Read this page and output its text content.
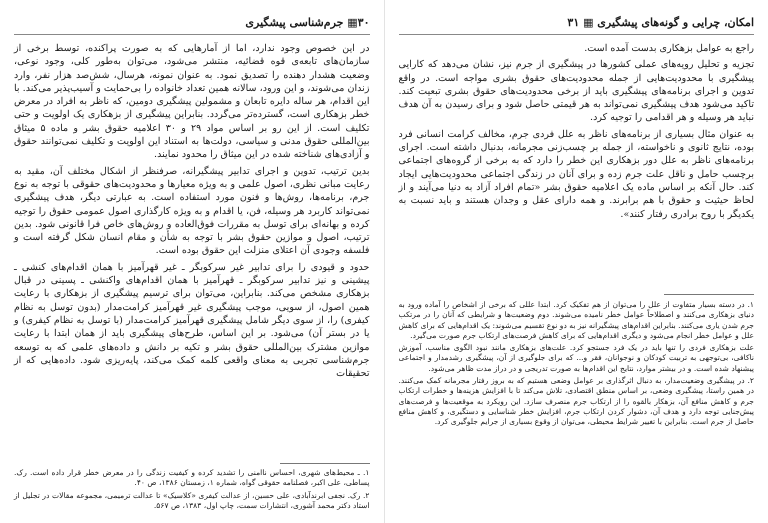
۳۰▦ جرم‌شناسی پیشگیری

در این خصوص وجود ندارد، اما از آمارهایی که به صورت پراکنده، توسط برخی از سازمان‌های تابعه‌ی قوه قضائیه، منتشر می‌شود، می‌توان به‌طور کلی، وجود نوعی، وضعیت هشدار دهنده را تصدیق نمود. به عنوان نمونه، هرسال، شش‌صد هزار نفر، وارد زندان می‌شوند، و این ورود، سالانه همین تعداد خانواده را بی‌حمایت و آسیب‌پذیر می‌کند. با این اقدام، هر ساله دایره تابعان و مشمولین پیشگیری دومین، که ناظر به افراد در معرض خطر بزهکاری است، گسترده‌تر می‌گردد. بنابراین پیشگیری از بزهکاری یک اولویت و حتی تکلیف است. از این رو بر اساس مواد ۲۹ و ۳۰ اعلامیه حقوق بشر و ماده ۵ میثاق بین‌المللی حقوق مدنی و سیاسی، دولت‌ها به استناد این اولویت و تکلیف نمی‌توانند حقوق و آزادی‌های شناخته شده در این میثاق را محدود نمایند.

بدین ترتیب، تدوین و اجرای تدابیر پیشگیرانه، صرفنظر از اشکال مختلف آن، مقید به رعایت مبانی نظری، اصول علمی و به ویژه معیارها و محدودیت‌های حقوقی با توجه به نوع جرم، برنامه‌ها، روش‌ها و فنون مورد استفاده است. به عبارتی دیگر، هدف پیشگیری نمی‌تواند کاربرد هر وسیله، فن، یا اقدام و به ویژه کارگذاری اصول عمومی حقوق را توجیه کرده و بهانه‌ای برای توسل به مقررات فوق‌العاده و روش‌های خاص فرا قانونی شود. بدین ترتیب، اصول و موازین حقوق بشر با توجه به شأن و مقام انسان شکل گرفته است و فلسفه وجودی آن اعتلای منزلت این حقوق بوده است.

حدود و قیودی را برای تدابیر غیر سرکوبگر ـ غیر قهرآمیز با همان اقدام‌های کنشی ـ پیشینی و نیز تدابیر سرکوبگر ـ قهرآمیز با همان اقدام‌های واکنشی ـ پسینی در قبال بزهکاری مشخص می‌کند. بنابراین، می‌توان برای ترسیم پیشگیری از بزهکاری با رعایت همین اصول، از سویی، موجب پیشگیری غیر قهرآمیز کرامت‌مدار (بدون توسل به نظام کیفری) را، از سوی دیگر شامل پیشگیری قهرآمیز کرامت‌مدار (با توسل به نظام کیفری) و یا در بستر آن) می‌شود. بر این اساس، طرح‌های پیشگیری باید از همان ابتدا با رعایت موازین مشترک بین‌المللی حقوق بشر و تکیه بر دانش و داده‌های علمی که به توسعه جرم‌شناسی تجربی به معنای واقعی کلمه کمک می‌کند، پایه‌ریزی شود. داده‌هایی که از تحقیقات

۱. ـ محیط‌های شهری، احساس ناامنی را تشدید کرده و کیفیت زندگی را در معرض خطر قرار داده است. رک. پساطی، علی اکبر، فصلنامه حقوقی گواه، شماره ۱، زمستان ۱۳۸۶، ص ۴۰.

۲. رک. نجفی ابرندآبادی، علی حسین، از عدالت کیفری «کلاسیک» تا عدالت ترمیمی، مجموعه مقالات در تجلیل از استاد دکتر محمد آشوری، انتشارات سمت، چاپ اول، ۱۳۸۳، ص ۵۶۷.

امکان، چرایی و گونه‌های پیشگیری ▦ ۳۱

راجع به عوامل بزهکاری بدست آمده است.

تجزیه و تحلیل رویه‌های عملی کشورها در پیشگیری از جرم نیز، نشان می‌دهد که کارایی پیشگیری با محدودیت‌هایی از جمله محدودیت‌های حقوق بشری مواجه است. در واقع تدوین و اجرای برنامه‌های پیشگیری باید از برخی محدودیت‌های حقوق بشری تبعیت کند. تاکید می‌شود هدف پیشگیری نمی‌تواند به هر قیمتی حاصل شود و برای رسیدن به آن هدف نباید هر وسیله و هر اقدامی را توجیه کرد.

به عنوان مثال بسیاری از برنامه‌های ناظر به علل فردی جرم، مخالف کرامت انسانی فرد بوده، نتایج ثانوی و ناخواسته، از جمله بر چسب‌زنی مجرمانه، بدنبال داشته است. اجرای برنامه‌های ناظر به علل دور بزهکاری این خطر را دارد که به برخی از گروه‌های اجتماعی برچسب حامل و ناقل علت جرم زده و برای آنان در زندگی اجتماعی محدودیت‌هایی ایجاد کند. حال آنکه بر اساس ماده یک اعلامیه حقوق بشر «تمام افراد آزاد به دنیا می‌آیند و از لحاظ حیثیت و حقوق با هم برابرند. و همه دارای عقل و وجدان هستند و باید نسبت به یکدیگر با روح برادری رفتار کنند».

۱. در دسته بسیار متفاوت از علل را می‌توان از هم تفکیک کرد. ابتدا عللی که برخی از اشخاص را آماده ورود به دنیای بزهکاری می‌کنند و اصطلاحاً عوامل خطر نامیده می‌شوند. دوم وضعیت‌ها و شرایطی که آنان را در مرتکب جرم شدن یاری می‌کنند. بنابراین اقدام‌های پیشگیرانه نیز به دو نوع تقسیم می‌شوند: یک اقدام‌هایی که برای کاهش علل و عوامل خطر انجام می‌شود و دیگری اقدام‌هایی که برای کاهش فرصت‌های ارتکاب جرم صورت می‌گیرد.

علت بزهکاری فردی را تنها باید در یک فرد جستجو کرد. علت‌های بزهکاری مانند نبود الگوی مناسب، آموزش ناکافی، بی‌توجهی به تربیت کودکان و نوجوانان، فقر و... که برای جلوگیری از آن، پیشگیری رشدمدار و اجتماعی پیشنهاد شده است. و در بیشتر موارد، نتایج این اقدام‌ها به صورت تدریجی و در دراز مدت ظاهر می‌شود.

۲. در پیشگیری وضعیت‌مدار، به دنبال اثرگذاری بر عوامل وضعی هستیم که به بروز رفتار مجرمانه کمک می‌کنند. در همین راستا، پیشگیری وضعی، بر اساس منطق اقتصادی، تلاش می‌کند تا با افزایش هزینه‌ها و خطرات ارتکاب جرم و کاهش منافع آن، بزهکار بالقوه را از ارتکاب جرم منصرف سازد. این رویکرد به موقعیت‌ها و فرصت‌های پیش‌جنایی توجه دارد و هدف آن، دشوار کردن ارتکاب جرم، افزایش خطر شناسایی و دستگیری، و کاهش منافع حاصل از جرم است. بنابراین با تغییر شرایط محیطی، می‌توان از وقوع بسیاری از جرایم جلوگیری کرد.
